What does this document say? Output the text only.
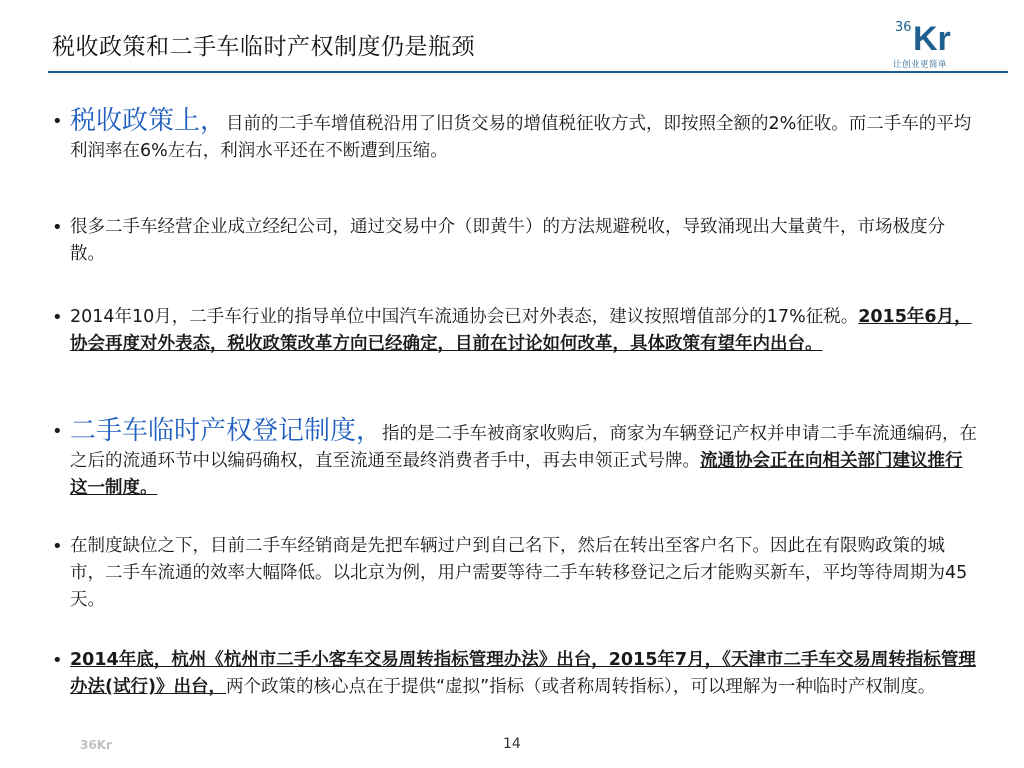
税收政策和二手车临时产权制度仍是瓶颈
36 Kr
让创业更简单
• 税收政策上，目前的二手车增值税沿用了旧货交易的增值税征收方式，即按照全额的2%征收。而二手车的平均利润率在6%左右，利润水平还在不断遭到压缩。
• 很多二手车经营企业成立经纪公司，通过交易中介（即黄牛）的方法规避税收，导致涌现出大量黄牛，市场极度分散。
• 2014年10月，二手车行业的指导单位中国汽车流通协会已对外表态，建议按照增值部分的17%征税。2015年6月，协会再度对外表态，税收政策改革方向已经确定，目前在讨论如何改革，具体政策有望年内出台。
• 二手车临时产权登记制度，指的是二手车被商家收购后，商家为车辆登记产权并申请二手车流通编码，在之后的流通环节中以编码确权，直至流通至最终消费者手中，再去申领正式号牌。流通协会正在向相关部门建议推行这一制度。
• 在制度缺位之下，目前二手车经销商是先把车辆过户到自己名下，然后在转出至客户名下。因此在有限购政策的城市，二手车流通的效率大幅降低。以北京为例，用户需要等待二手车转移登记之后才能购买新车，平均等待周期为45天。
• 2014年底，杭州《杭州市二手小客车交易周转指标管理办法》出台，2015年7月，《天津市二手车交易周转指标管理办法(试行)》出台，两个政策的核心点在于提供“虚拟”指标（或者称周转指标），可以理解为一种临时产权制度。
36Kr	14
